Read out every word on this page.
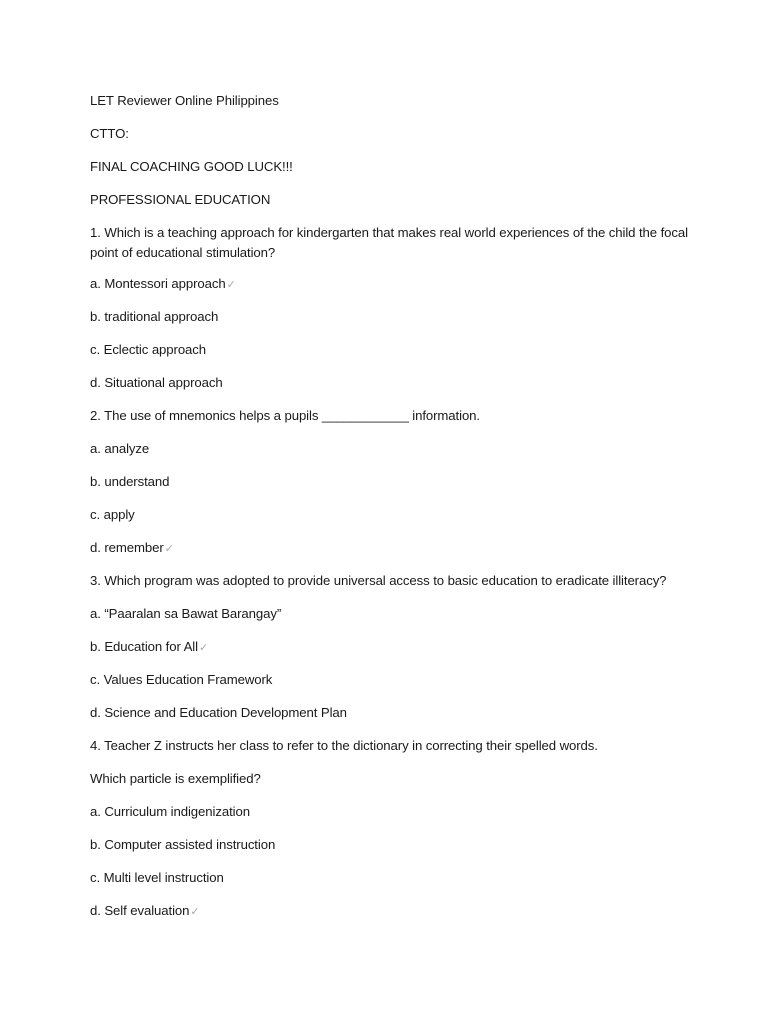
LET Reviewer Online Philippines
CTTO:
FINAL COACHING GOOD LUCK!!!
PROFESSIONAL EDUCATION
1. Which is a teaching approach for kindergarten that makes real world experiences of the child the focal point of educational stimulation?
a. Montessori approach✓
b. traditional approach
c. Eclectic approach
d. Situational approach
2. The use of mnemonics helps a pupils ____________ information.
a. analyze
b. understand
c. apply
d. remember✓
3. Which program was adopted to provide universal access to basic education to eradicate illiteracy?
a. “Paaralan sa Bawat Barangay”
b. Education for All✓
c. Values Education Framework
d. Science and Education Development Plan
4. Teacher Z instructs her class to refer to the dictionary in correcting their spelled words.
Which particle is exemplified?
a. Curriculum indigenization
b. Computer assisted instruction
c. Multi level instruction
d. Self evaluation✓
